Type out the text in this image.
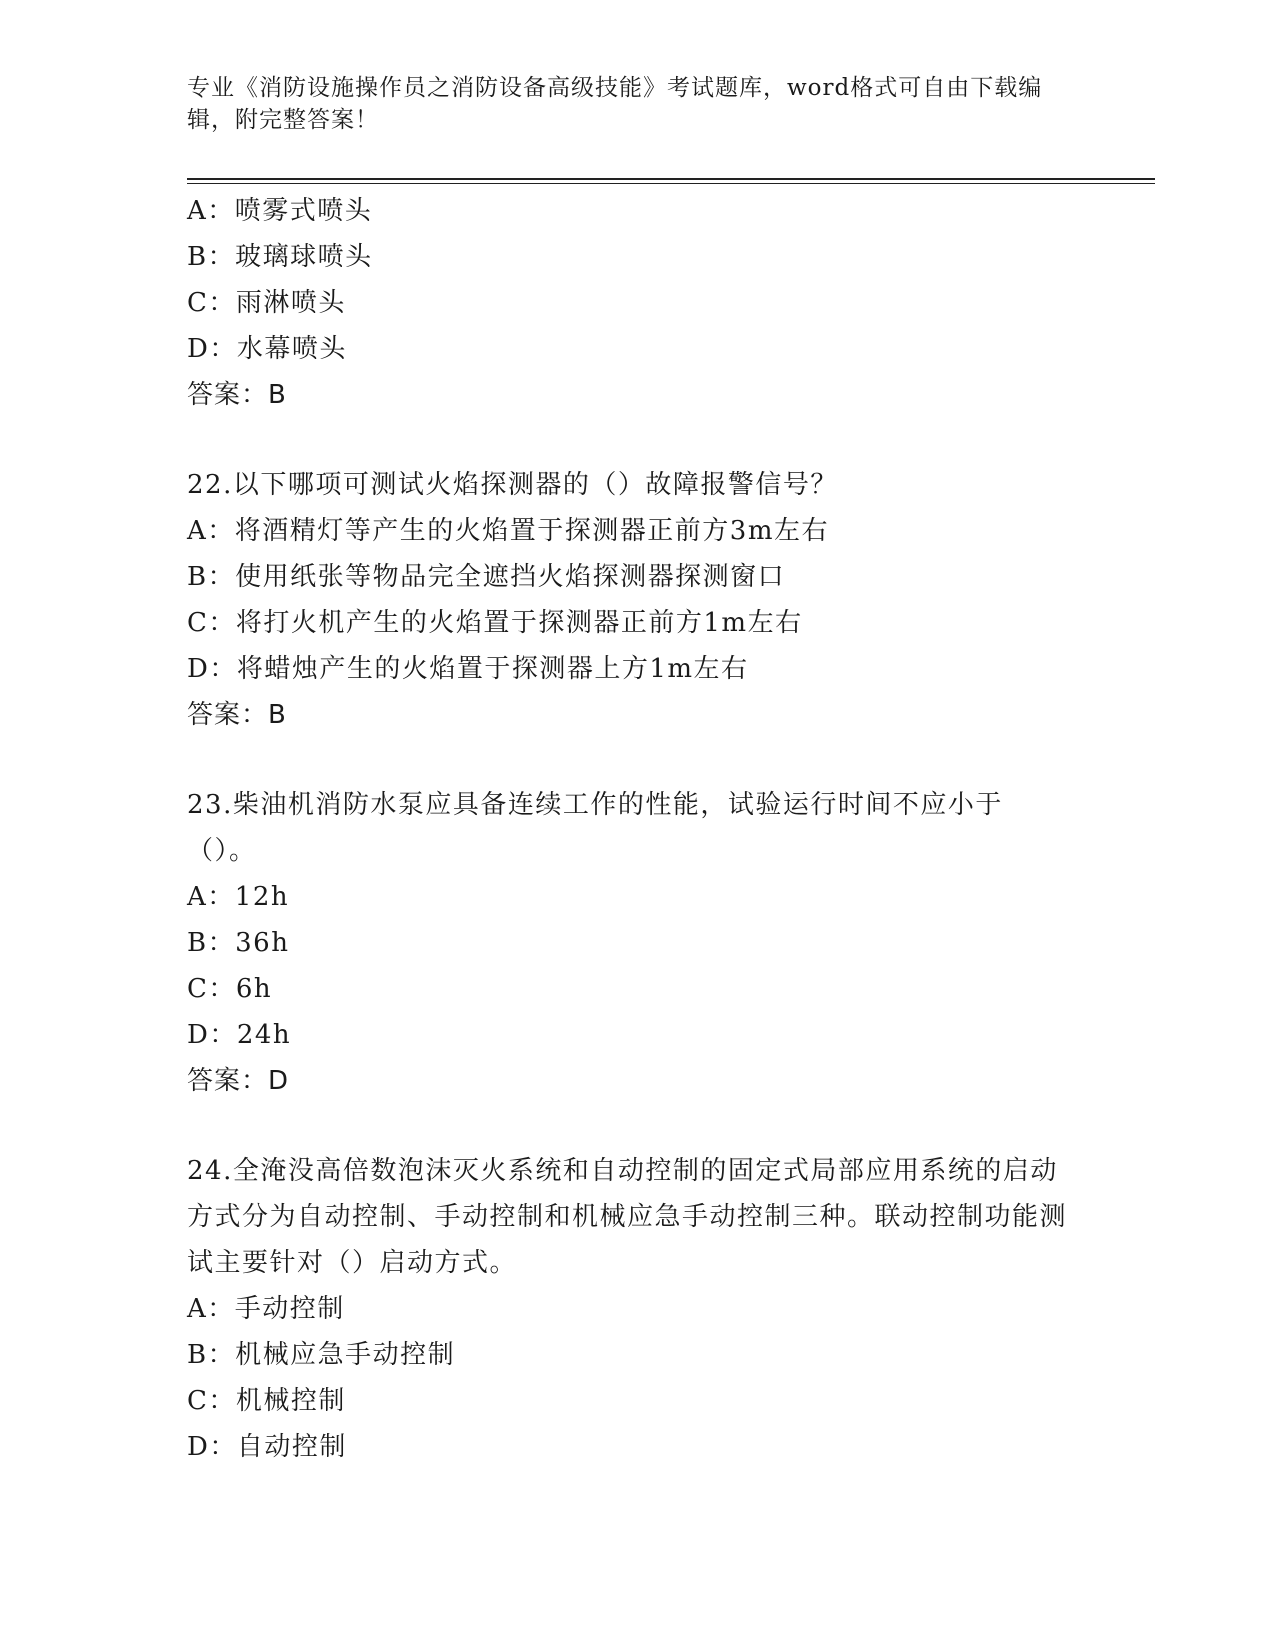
专业《消防设施操作员之消防设备高级技能》考试题库，word格式可自由下载编辑，附完整答案！
A：喷雾式喷头
B：玻璃球喷头
C：雨淋喷头
D：水幕喷头
答案：B
22.以下哪项可测试火焰探测器的（）故障报警信号？
A：将酒精灯等产生的火焰置于探测器正前方3m左右
B：使用纸张等物品完全遮挡火焰探测器探测窗口
C：将打火机产生的火焰置于探测器正前方1m左右
D：将蜡烛产生的火焰置于探测器上方1m左右
答案：B
23.柴油机消防水泵应具备连续工作的性能，试验运行时间不应小于（）。
A：12h
B：36h
C：6h
D：24h
答案：D
24.全淹没高倍数泡沫灭火系统和自动控制的固定式局部应用系统的启动方式分为自动控制、手动控制和机械应急手动控制三种。联动控制功能测试主要针对（）启动方式。
A：手动控制
B：机械应急手动控制
C：机械控制
D：自动控制
